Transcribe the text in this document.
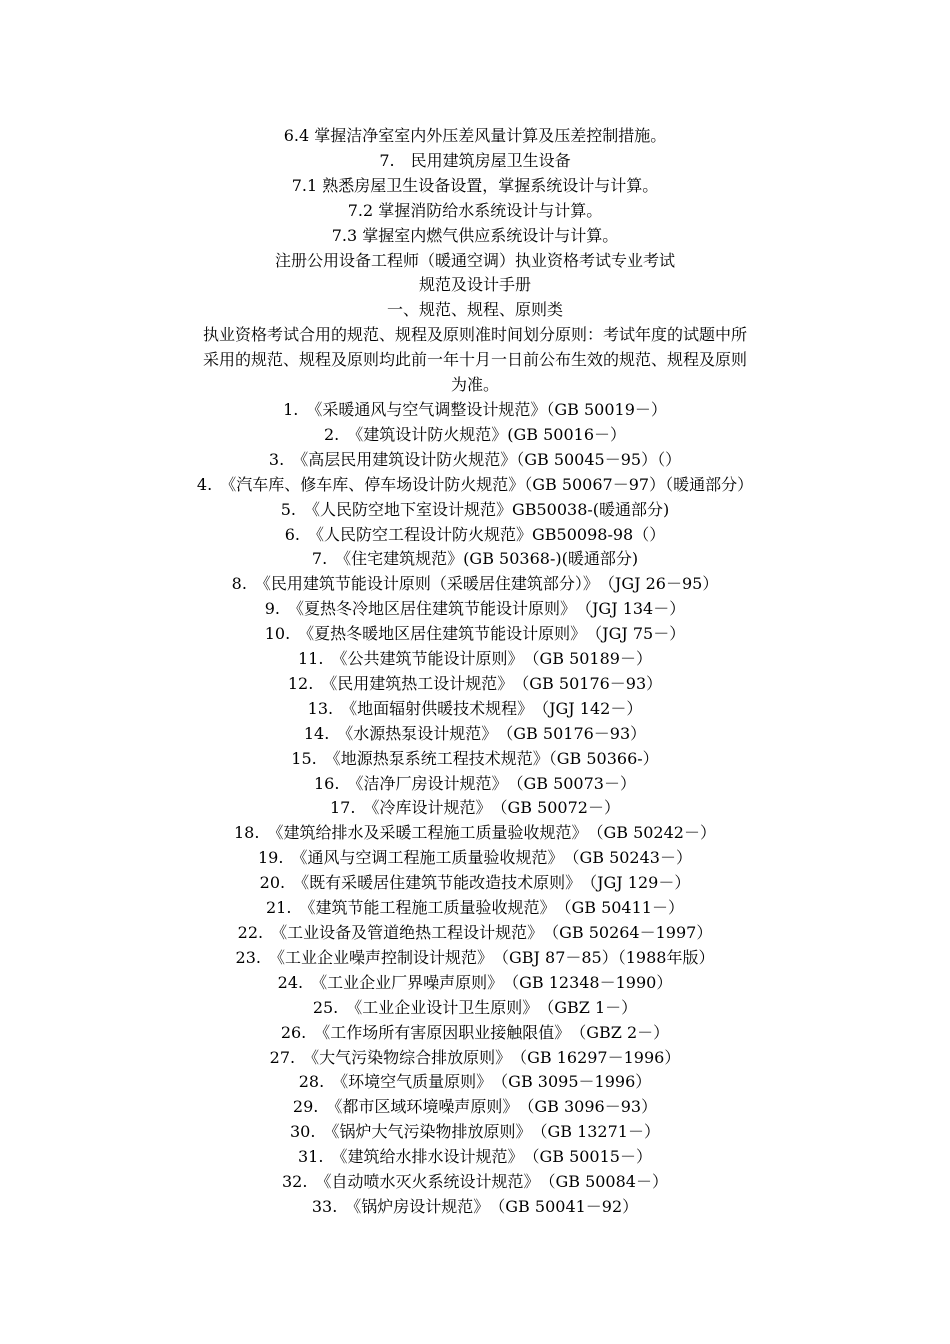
6.4 掌握洁净室室内外压差风量计算及压差控制措施。

7.　民用建筑房屋卫生设备

7.1 熟悉房屋卫生设备设置，掌握系统设计与计算。

7.2 掌握消防给水系统设计与计算。

7.3 掌握室内燃气供应系统设计与计算。

注册公用设备工程师（暖通空调）执业资格考试专业考试

规范及设计手册

一、规范、规程、原则类

执业资格考试合用的规范、规程及原则准时间划分原则：考试年度的试题中所

采用的规范、规程及原则均此前一年十月一日前公布生效的规范、规程及原则

为准。

1.　《采暖通风与空气调整设计规范》（GB 50019－）
2.　《建筑设计防火规范》(GB 50016－）
3.　《高层民用建筑设计防火规范》（GB 50045－95）（）
4.　《汽车库、修车库、停车场设计防火规范》（GB 50067－97）（暖通部分）
5.　《人民防空地下室设计规范》GB50038-(暖通部分)
6.　《人民防空工程设计防火规范》GB50098-98（）
7.　《住宅建筑规范》(GB 50368-)(暖通部分)
8.　《民用建筑节能设计原则（采暖居住建筑部分）》　（JGJ 26－95）
9.　《夏热冬冷地区居住建筑节能设计原则》　（JGJ 134－）
10.　《夏热冬暖地区居住建筑节能设计原则》　（JGJ 75－）
11.　《公共建筑节能设计原则》　（GB 50189－）
12.　《民用建筑热工设计规范》　（GB 50176－93）
13.　《地面辐射供暖技术规程》　（JGJ 142－）
14.　《水源热泵设计规范》　（GB 50176－93）
15.　《地源热泵系统工程技术规范》（GB 50366-）
16.　《洁净厂房设计规范》　（GB 50073－）
17.　《冷库设计规范》　（GB 50072－）
18.　《建筑给排水及采暖工程施工质量验收规范》　（GB 50242－）
19.　《通风与空调工程施工质量验收规范》　（GB 50243－）
20.　《既有采暖居住建筑节能改造技术原则》　（JGJ 129－）
21.　《建筑节能工程施工质量验收规范》　（GB 50411－）
22.　《工业设备及管道绝热工程设计规范》　（GB 50264－1997）
23.　《工业企业噪声控制设计规范》　（GBJ 87－85）（1988年版）
24.　《工业企业厂界噪声原则》　（GB 12348－1990）
25.　《工业企业设计卫生原则》　（GBZ 1－）
26.　《工作场所有害原因职业接触限值》　（GBZ 2－）
27.　《大气污染物综合排放原则》　（GB 16297－1996）
28.　《环境空气质量原则》　（GB 3095－1996）
29.　《都市区域环境噪声原则》　（GB 3096－93）
30.　《锅炉大气污染物排放原则》　（GB 13271－）
31.　《建筑给水排水设计规范》　（GB 50015－）
32.　《自动喷水灭火系统设计规范》　（GB 50084－）
33.　《锅炉房设计规范》　（GB 50041－92）
